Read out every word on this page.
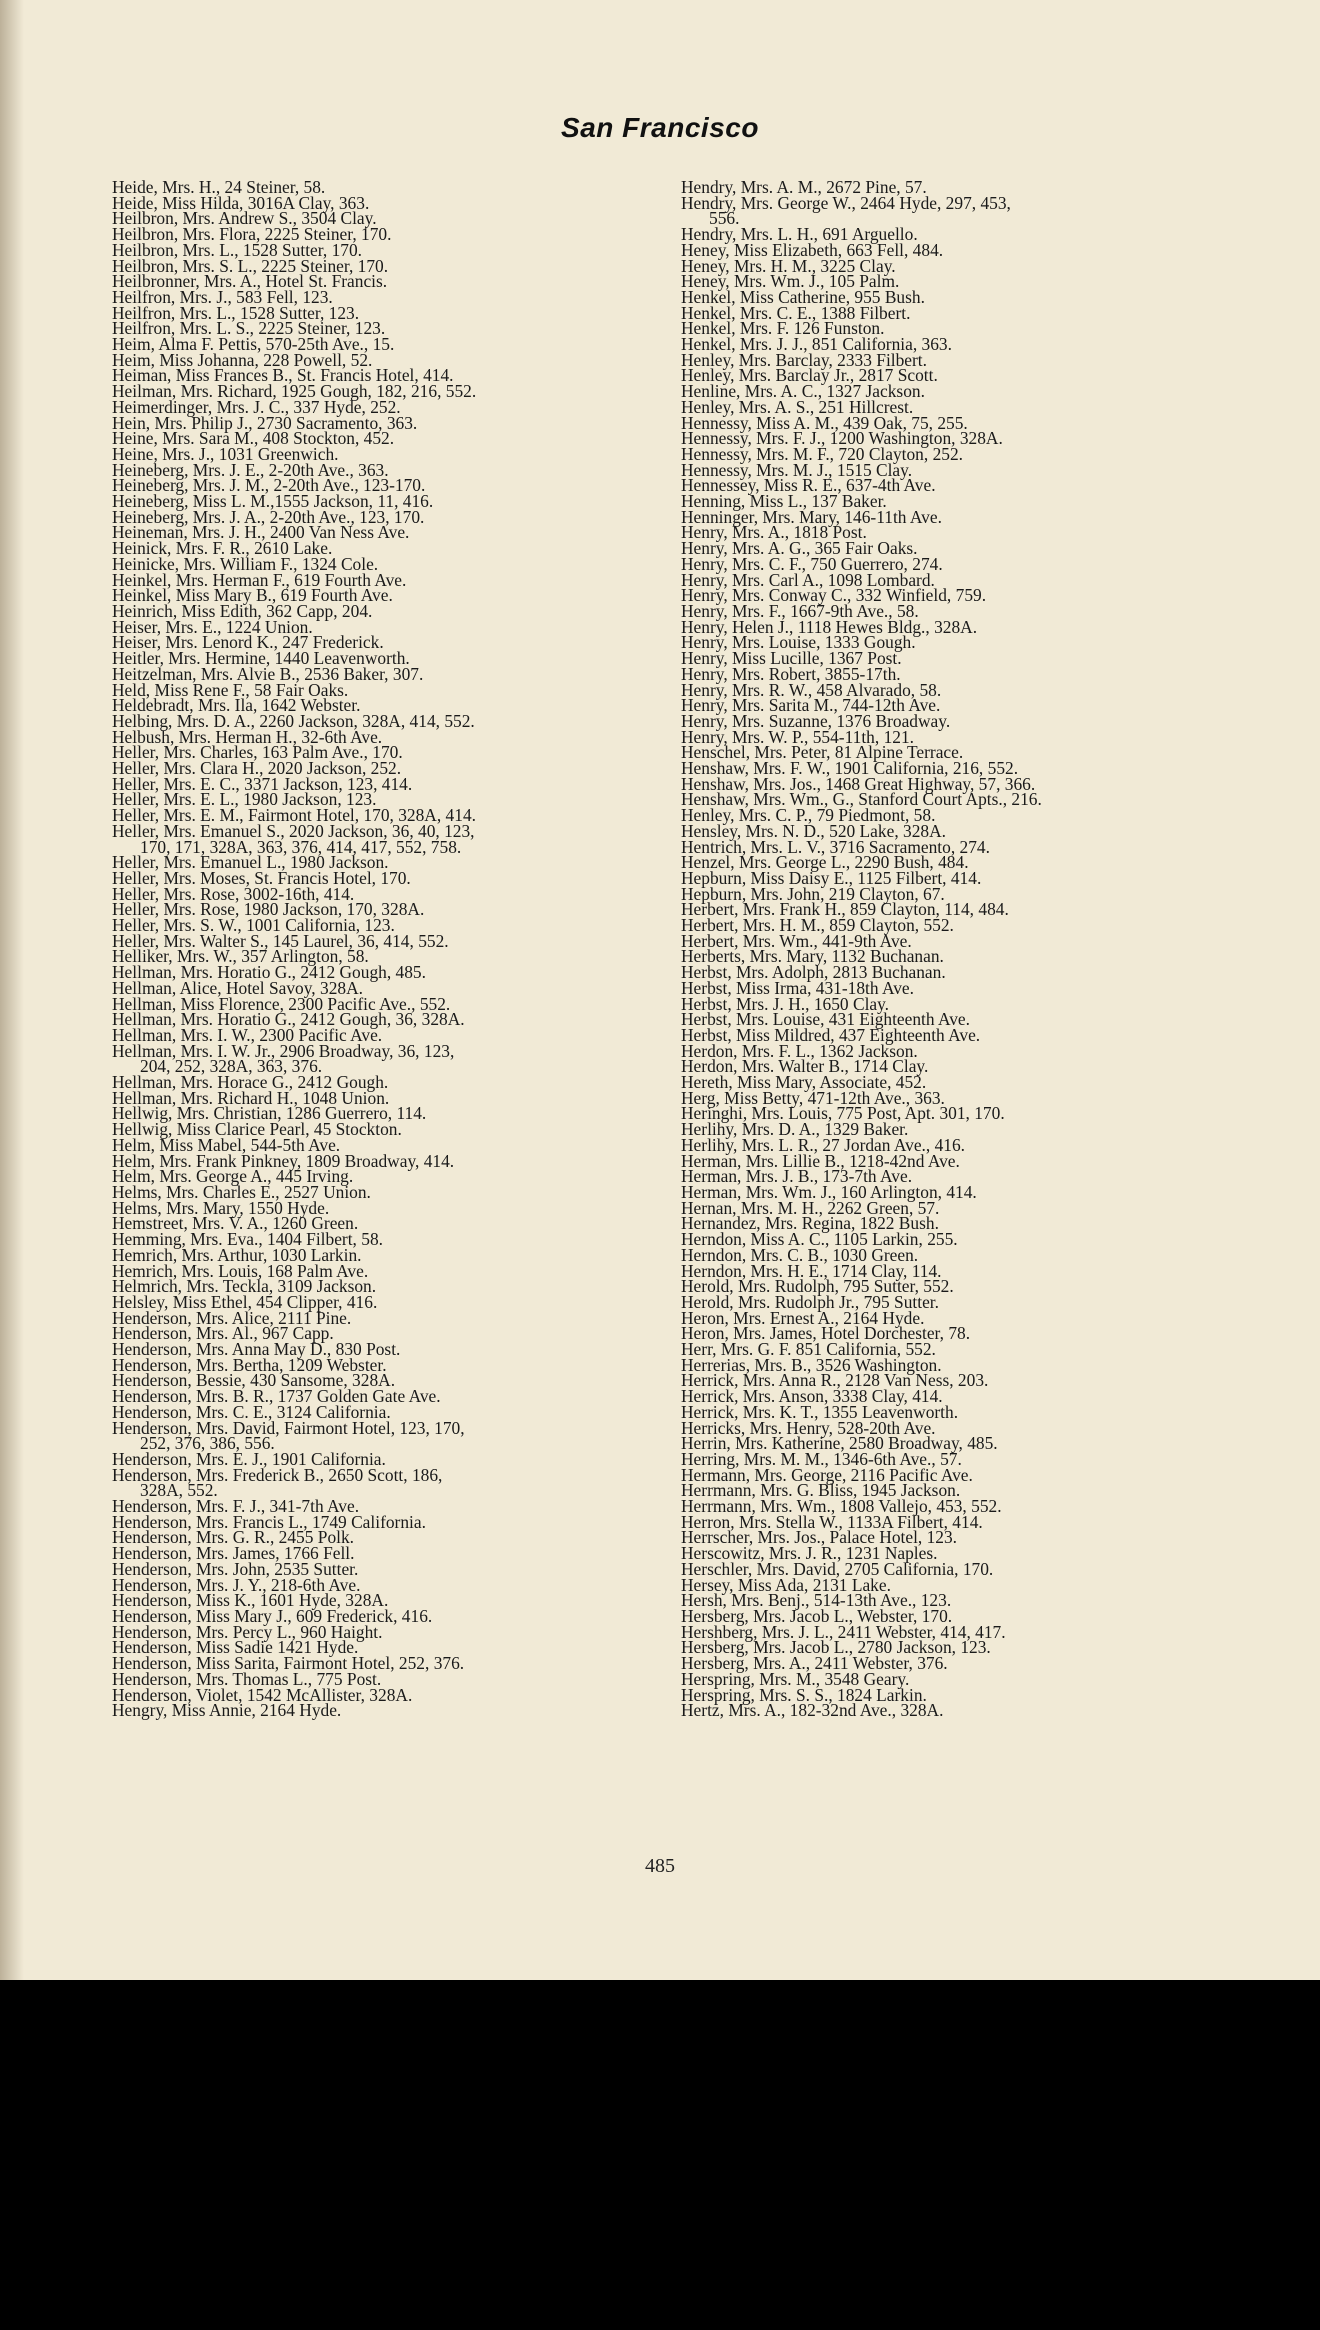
San Francisco
Heide, Mrs. H., 24 Steiner, 58.
Heide, Miss Hilda, 3016A Clay, 363.
Heilbron, Mrs. Andrew S., 3504 Clay.
Heilbron, Mrs. Flora, 2225 Steiner, 170.
Heilbron, Mrs. L., 1528 Sutter, 170.
Heilbron, Mrs. S. L., 2225 Steiner, 170.
Heilbronner, Mrs. A., Hotel St. Francis.
Heilfron, Mrs. J., 583 Fell, 123.
Heilfron, Mrs. L., 1528 Sutter, 123.
Heilfron, Mrs. L. S., 2225 Steiner, 123.
Heim, Alma F. Pettis, 570-25th Ave., 15.
Heim, Miss Johanna, 228 Powell, 52.
Heiman, Miss Frances B., St. Francis Hotel, 414.
Heilman, Mrs. Richard, 1925 Gough, 182, 216, 552.
Heimerdinger, Mrs. J. C., 337 Hyde, 252.
Hein, Mrs. Philip J., 2730 Sacramento, 363.
Heine, Mrs. Sara M., 408 Stockton, 452.
Heine, Mrs. J., 1031 Greenwich.
Heineberg, Mrs. J. E., 2-20th Ave., 363.
Heineberg, Mrs. J. M., 2-20th Ave., 123-170.
Heineberg, Miss L. M.,1555 Jackson, 11, 416.
Heineberg, Mrs. J. A., 2-20th Ave., 123, 170.
Heineman, Mrs. J. H., 2400 Van Ness Ave.
Heinick, Mrs. F. R., 2610 Lake.
Heinicke, Mrs. William F., 1324 Cole.
Heinkel, Mrs. Herman F., 619 Fourth Ave.
Heinkel, Miss Mary B., 619 Fourth Ave.
Heinrich, Miss Edith, 362 Capp, 204.
Heiser, Mrs. E., 1224 Union.
Heiser, Mrs. Lenord K., 247 Frederick.
Heitler, Mrs. Hermine, 1440 Leavenworth.
Heitzelman, Mrs. Alvie B., 2536 Baker, 307.
Held, Miss Rene F., 58 Fair Oaks.
Heldebradt, Mrs. Ila, 1642 Webster.
Helbing, Mrs. D. A., 2260 Jackson, 328A, 414, 552.
Helbush, Mrs. Herman H., 32-6th Ave.
Heller, Mrs. Charles, 163 Palm Ave., 170.
Heller, Mrs. Clara H., 2020 Jackson, 252.
Heller, Mrs. E. C., 3371 Jackson, 123, 414.
Heller, Mrs. E. L., 1980 Jackson, 123.
Heller, Mrs. E. M., Fairmont Hotel, 170, 328A, 414.
Heller, Mrs. Emanuel S., 2020 Jackson, 36, 40, 123,
170, 171, 328A, 363, 376, 414, 417, 552, 758.
Heller, Mrs. Emanuel L., 1980 Jackson.
Heller, Mrs. Moses, St. Francis Hotel, 170.
Heller, Mrs. Rose, 3002-16th, 414.
Heller, Mrs. Rose, 1980 Jackson, 170, 328A.
Heller, Mrs. S. W., 1001 California, 123.
Heller, Mrs. Walter S., 145 Laurel, 36, 414, 552.
Helliker, Mrs. W., 357 Arlington, 58.
Hellman, Mrs. Horatio G., 2412 Gough, 485.
Hellman, Alice, Hotel Savoy, 328A.
Hellman, Miss Florence, 2300 Pacific Ave., 552.
Hellman, Mrs. Horatio G., 2412 Gough, 36, 328A.
Hellman, Mrs. I. W., 2300 Pacific Ave.
Hellman, Mrs. I. W. Jr., 2906 Broadway, 36, 123,
204, 252, 328A, 363, 376.
Hellman, Mrs. Horace G., 2412 Gough.
Hellman, Mrs. Richard H., 1048 Union.
Hellwig, Mrs. Christian, 1286 Guerrero, 114.
Hellwig, Miss Clarice Pearl, 45 Stockton.
Helm, Miss Mabel, 544-5th Ave.
Helm, Mrs. Frank Pinkney, 1809 Broadway, 414.
Helm, Mrs. George A., 445 Irving.
Helms, Mrs. Charles E., 2527 Union.
Helms, Mrs. Mary, 1550 Hyde.
Hemstreet, Mrs. V. A., 1260 Green.
Hemming, Mrs. Eva., 1404 Filbert, 58.
Hemrich, Mrs. Arthur, 1030 Larkin.
Hemrich, Mrs. Louis, 168 Palm Ave.
Helmrich, Mrs. Teckla, 3109 Jackson.
Helsley, Miss Ethel, 454 Clipper, 416.
Henderson, Mrs. Alice, 2111 Pine.
Henderson, Mrs. Al., 967 Capp.
Henderson, Mrs. Anna May D., 830 Post.
Henderson, Mrs. Bertha, 1209 Webster.
Henderson, Bessie, 430 Sansome, 328A.
Henderson, Mrs. B. R., 1737 Golden Gate Ave.
Henderson, Mrs. C. E., 3124 California.
Henderson, Mrs. David, Fairmont Hotel, 123, 170,
252, 376, 386, 556.
Henderson, Mrs. E. J., 1901 California.
Henderson, Mrs. Frederick B., 2650 Scott, 186,
328A, 552.
Henderson, Mrs. F. J., 341-7th Ave.
Henderson, Mrs. Francis L., 1749 California.
Henderson, Mrs. G. R., 2455 Polk.
Henderson, Mrs. James, 1766 Fell.
Henderson, Mrs. John, 2535 Sutter.
Henderson, Mrs. J. Y., 218-6th Ave.
Henderson, Miss K., 1601 Hyde, 328A.
Henderson, Miss Mary J., 609 Frederick, 416.
Henderson, Mrs. Percy L., 960 Haight.
Henderson, Miss Sadie 1421 Hyde.
Henderson, Miss Sarita, Fairmont Hotel, 252, 376.
Henderson, Mrs. Thomas L., 775 Post.
Henderson, Violet, 1542 McAllister, 328A.
Hengry, Miss Annie, 2164 Hyde.
Hendry, Mrs. A. M., 2672 Pine, 57.
Hendry, Mrs. George W., 2464 Hyde, 297, 453,
556.
Hendry, Mrs. L. H., 691 Arguello.
Heney, Miss Elizabeth, 663 Fell, 484.
Heney, Mrs. H. M., 3225 Clay.
Heney, Mrs. Wm. J., 105 Palm.
Henkel, Miss Catherine, 955 Bush.
Henkel, Mrs. C. E., 1388 Filbert.
Henkel, Mrs. F. 126 Funston.
Henkel, Mrs. J. J., 851 California, 363.
Henley, Mrs. Barclay, 2333 Filbert.
Henley, Mrs. Barclay Jr., 2817 Scott.
Henline, Mrs. A. C., 1327 Jackson.
Henley, Mrs. A. S., 251 Hillcrest.
Hennessy, Miss A. M., 439 Oak, 75, 255.
Hennessy, Mrs. F. J., 1200 Washington, 328A.
Hennessy, Mrs. M. F., 720 Clayton, 252.
Hennessy, Mrs. M. J., 1515 Clay.
Hennessey, Miss R. E., 637-4th Ave.
Henning, Miss L., 137 Baker.
Henninger, Mrs. Mary, 146-11th Ave.
Henry, Mrs. A., 1818 Post.
Henry, Mrs. A. G., 365 Fair Oaks.
Henry, Mrs. C. F., 750 Guerrero, 274.
Henry, Mrs. Carl A., 1098 Lombard.
Henry, Mrs. Conway C., 332 Winfield, 759.
Henry, Mrs. F., 1667-9th Ave., 58.
Henry, Helen J., 1118 Hewes Bldg., 328A.
Henry, Mrs. Louise, 1333 Gough.
Henry, Miss Lucille, 1367 Post.
Henry, Mrs. Robert, 3855-17th.
Henry, Mrs. R. W., 458 Alvarado, 58.
Henry, Mrs. Sarita M., 744-12th Ave.
Henry, Mrs. Suzanne, 1376 Broadway.
Henry, Mrs. W. P., 554-11th, 121.
Henschel, Mrs. Peter, 81 Alpine Terrace.
Henshaw, Mrs. F. W., 1901 California, 216, 552.
Henshaw, Mrs. Jos., 1468 Great Highway, 57, 366.
Henshaw, Mrs. Wm., G., Stanford Court Apts., 216.
Henley, Mrs. C. P., 79 Piedmont, 58.
Hensley, Mrs. N. D., 520 Lake, 328A.
Hentrich, Mrs. L. V., 3716 Sacramento, 274.
Henzel, Mrs. George L., 2290 Bush, 484.
Hepburn, Miss Daisy E., 1125 Filbert, 414.
Hepburn, Mrs. John, 219 Clayton, 67.
Herbert, Mrs. Frank H., 859 Clayton, 114, 484.
Herbert, Mrs. H. M., 859 Clayton, 552.
Herbert, Mrs. Wm., 441-9th Ave.
Herberts, Mrs. Mary, 1132 Buchanan.
Herbst, Mrs. Adolph, 2813 Buchanan.
Herbst, Miss Irma, 431-18th Ave.
Herbst, Mrs. J. H., 1650 Clay.
Herbst, Mrs. Louise, 431 Eighteenth Ave.
Herbst, Miss Mildred, 437 Eighteenth Ave.
Herdon, Mrs. F. L., 1362 Jackson.
Herdon, Mrs. Walter B., 1714 Clay.
Hereth, Miss Mary, Associate, 452.
Herg, Miss Betty, 471-12th Ave., 363.
Heringhi, Mrs. Louis, 775 Post, Apt. 301, 170.
Herlihy, Mrs. D. A., 1329 Baker.
Herlihy, Mrs. L. R., 27 Jordan Ave., 416.
Herman, Mrs. Lillie B., 1218-42nd Ave.
Herman, Mrs. J. B., 173-7th Ave.
Herman, Mrs. Wm. J., 160 Arlington, 414.
Hernan, Mrs. M. H., 2262 Green, 57.
Hernandez, Mrs. Regina, 1822 Bush.
Herndon, Miss A. C., 1105 Larkin, 255.
Herndon, Mrs. C. B., 1030 Green.
Herndon, Mrs. H. E., 1714 Clay, 114.
Herold, Mrs. Rudolph, 795 Sutter, 552.
Herold, Mrs. Rudolph Jr., 795 Sutter.
Heron, Mrs. Ernest A., 2164 Hyde.
Heron, Mrs. James, Hotel Dorchester, 78.
Herr, Mrs. G. F. 851 California, 552.
Herrerias, Mrs. B., 3526 Washington.
Herrick, Mrs. Anna R., 2128 Van Ness, 203.
Herrick, Mrs. Anson, 3338 Clay, 414.
Herrick, Mrs. K. T., 1355 Leavenworth.
Herricks, Mrs. Henry, 528-20th Ave.
Herrin, Mrs. Katherine, 2580 Broadway, 485.
Herring, Mrs. M. M., 1346-6th Ave., 57.
Hermann, Mrs. George, 2116 Pacific Ave.
Herrmann, Mrs. G. Bliss, 1945 Jackson.
Herrmann, Mrs. Wm., 1808 Vallejo, 453, 552.
Herron, Mrs. Stella W., 1133A Filbert, 414.
Herrscher, Mrs. Jos., Palace Hotel, 123.
Herscowitz, Mrs. J. R., 1231 Naples.
Herschler, Mrs. David, 2705 California, 170.
Hersey, Miss Ada, 2131 Lake.
Hersh, Mrs. Benj., 514-13th Ave., 123.
Hersberg, Mrs. Jacob L., Webster, 170.
Hershberg, Mrs. J. L., 2411 Webster, 414, 417.
Hersberg, Mrs. Jacob L., 2780 Jackson, 123.
Hersberg, Mrs. A., 2411 Webster, 376.
Herspring, Mrs. M., 3548 Geary.
Herspring, Mrs. S. S., 1824 Larkin.
Hertz, Mrs. A., 182-32nd Ave., 328A.
485
